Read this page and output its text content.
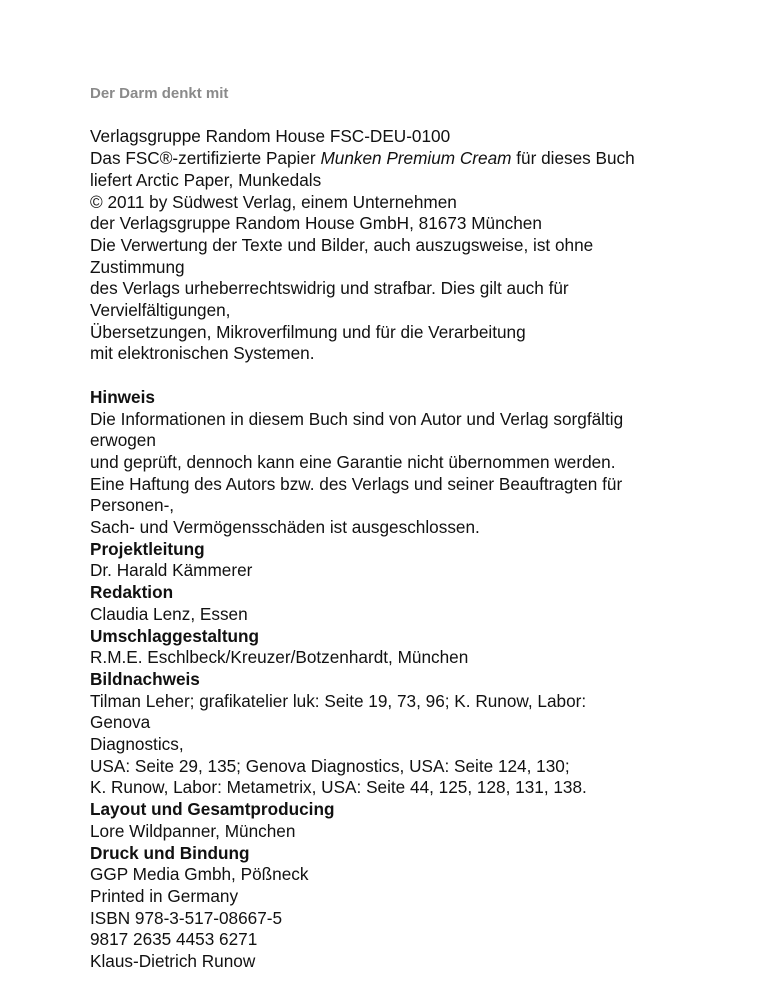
Der Darm denkt mit

Verlagsgruppe Random House FSC-DEU-0100
Das FSC®-zertifizierte Papier Munken Premium Cream für dieses Buch
liefert Arctic Paper, Munkedals
© 2011 by Südwest Verlag, einem Unternehmen
der Verlagsgruppe Random House GmbH, 81673 München
Die Verwertung der Texte und Bilder, auch auszugsweise, ist ohne
Zustimmung
des Verlags urheberrechtswidrig und strafbar. Dies gilt auch für
Vervielfältigungen,
Übersetzungen, Mikroverfilmung und für die Verarbeitung
mit elektronischen Systemen.
Hinweis
Die Informationen in diesem Buch sind von Autor und Verlag sorgfältig
erwogen
und geprüft, dennoch kann eine Garantie nicht übernommen werden.
Eine Haftung des Autors bzw. des Verlags und seiner Beauftragten für
Personen-,
Sach- und Vermögensschäden ist ausgeschlossen.
Projektleitung
Dr. Harald Kämmerer
Redaktion
Claudia Lenz, Essen
Umschlaggestaltung
R.M.E. Eschlbeck/Kreuzer/Botzenhardt, München
Bildnachweis
Tilman Leher; grafikatelier luk: Seite 19, 73, 96; K. Runow, Labor:
Genova
Diagnostics,
USA: Seite 29, 135; Genova Diagnostics, USA: Seite 124, 130;
K. Runow, Labor: Metametrix, USA: Seite 44, 125, 128, 131, 138.
Layout und Gesamtproducing
Lore Wildpanner, München
Druck und Bindung
GGP Media Gmbh, Pößneck
Printed in Germany
ISBN 978-3-517-08667-5
9817 2635 4453 6271
Klaus-Dietrich Runow
